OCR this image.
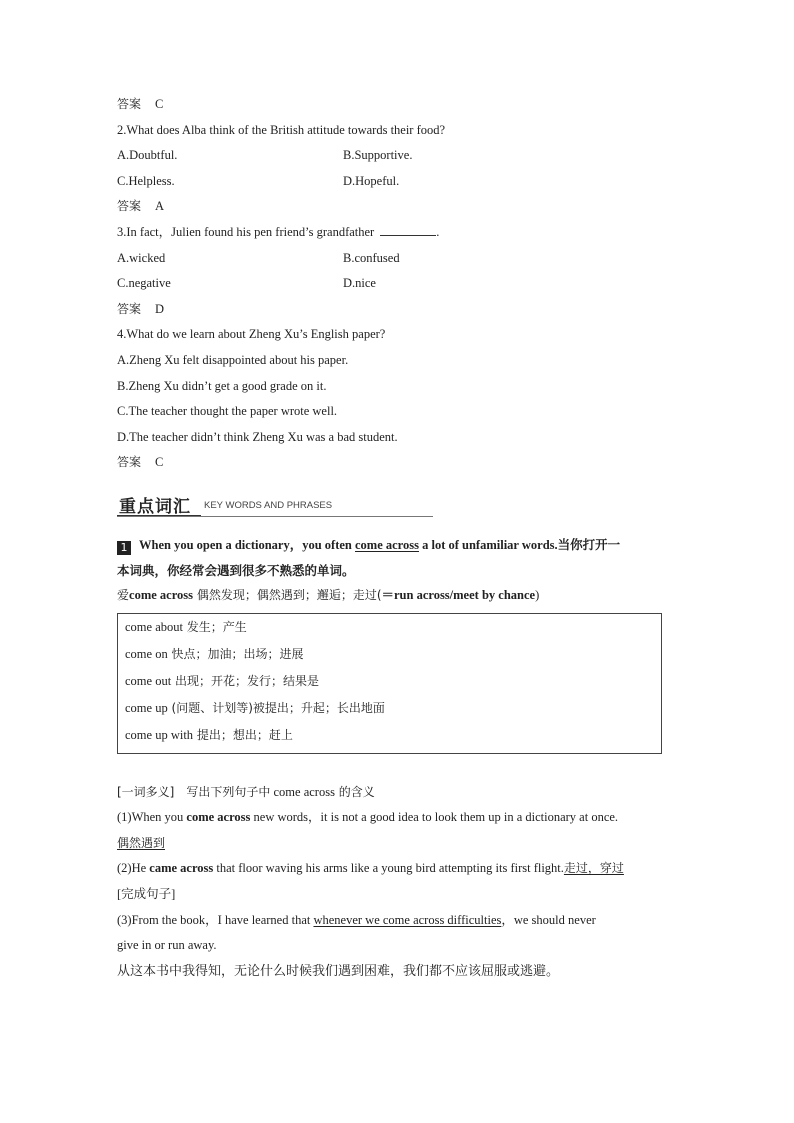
答案 C
2.What does Alba think of the British attitude towards their food?
A.Doubtful.	B.Supportive.
C.Helpless.	D.Hopeful.
答案 A
3.In fact，Julien found his pen friend’s grandfather	.
A.wicked	B.confused
C.negative	D.nice
答案 D
4.What do we learn about Zheng Xu’s English paper?
A.Zheng Xu felt disappointed about his paper.
B.Zheng Xu didn’t get a good grade on it.
C.The teacher thought the paper wrote well.
D.The teacher didn’t think Zheng Xu was a bad student.
答案 C
重点词汇 KEY WORDS AND PHRASES
1 When you open a dictionary，you often come across a lot of unfamiliar words.当你打开一
本词典，你经常会遇到很多不熟悉的单词。
爱come across 偶然发现；偶然遇到；邂逅；走过(＝run across/meet by chance)
come about 发生；产生
come on 快点；加油；出场；进展
come out 出现；开花；发行；结果是
come up (问题、计划等)被提出；升起；长出地面
come up with 提出；想出；赶上
[一词多义]　写出下列句子中 come across 的含义
(1)When you come across new words，it is not a good idea to look them up in a dictionary at once.
偶然遇到
(2)He came across that floor waving his arms like a young bird attempting its first flight.走过，穿过
[完成句子]
(3)From the book，I have learned that whenever we come across difficulties，we should never
give in or run away.
从这本书中我得知，无论什么时候我们遇到困难，我们都不应该屈服或逃避。
